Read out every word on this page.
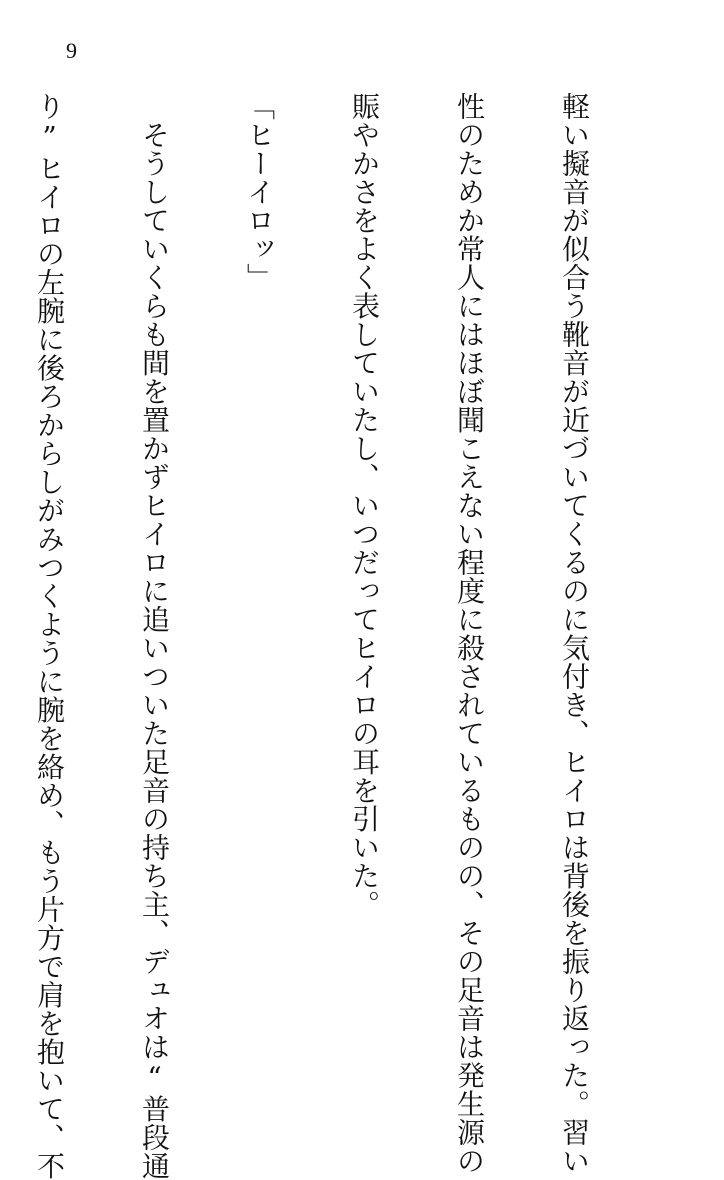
9

軽い擬音が似合う靴音が近づいてくるのに気付き、ヒイロは背後を振り返った。習い

性のためか常人にはほぼ聞こえない程度に殺されているものの、その足音は発生源の

賑やかさをよく表していたし、いつだってヒイロの耳を引いた。

「ヒーイロッ」

　そうしていくらも間を置かずヒイロに追いついた足音の持ち主、デュオは“普段通

り”ヒイロの左腕に後ろからしがみつくように腕を絡め、もう片方で肩を抱いて、不
